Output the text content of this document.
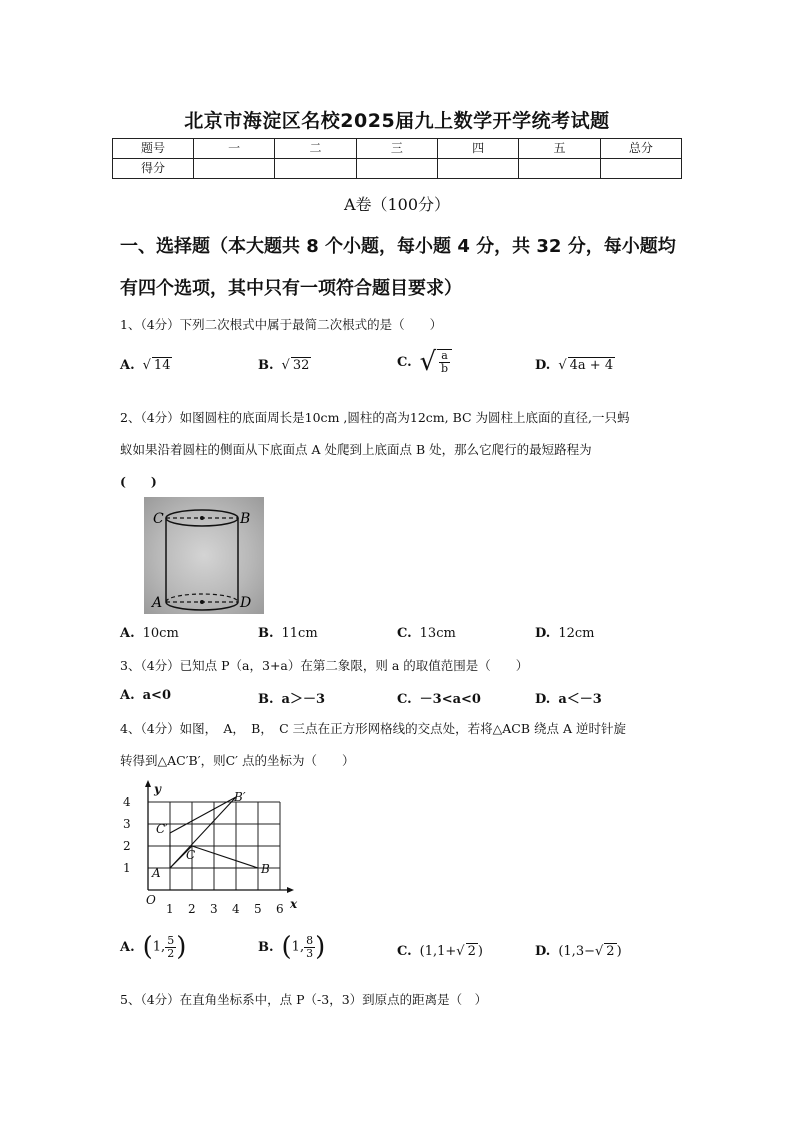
北京市海淀区名校2025届九上数学开学统考试题
题号	一	二	三	四	五	总分
得分						
A卷（100分）
一、选择题（本大题共 8 个小题，每小题 4 分，共 32 分，每小题均
有四个选项，其中只有一项符合题目要求）
1、（4分）下列二次根式中属于最简二次根式的是（　　）
A. √ 14	B. √ 32	C. √ $\frac{a}{b}$	D. √ 4a + 4
2、（4分）如图圆柱的底面周长是10cm ,圆柱的高为12cm, BC 为圆柱上底面的直径,一只蚂
蚁如果沿着圆柱的侧面从下底面点 A 处爬到上底面点 B 处，那么它爬行的最短路程为
(　　)
C	B
A	D
A. 10cm	B. 11cm	C. 13cm	D. 12cm
3、（4分）已知点 P（a，3+a）在第二象限，则 a 的取值范围是（　　）
A. a<0	B. a＞－3	C. －3<a<0	D. a＜－3
4、（4分）如图，　A，　B，　C 三点在正方形网格线的交点处，若将△ACB 绕点 A 逆时针旋
转得到△AC′B′，则C′ 点的坐标为（　　）
y
x
O
1 2 3 4 5 6
1
2
3
4
A	B
C
C′
B′
A. (1, $\frac{5}{2}$ )	B. (1, $\frac{8}{3}$ )	C. (1,1+√ 2 )	D. (1,3−√ 2 )
5、（4分）在直角坐标系中，点 P（-3，3）到原点的距离是（　）
